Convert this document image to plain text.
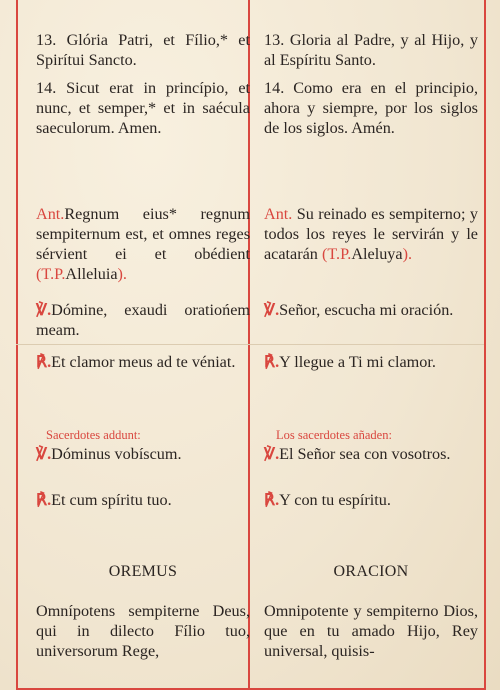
13. Glória Patri, et Fílio,* et Spirítui Sancto.
14. Sicut erat in princípio, et nunc, et semper,* et in saécula saeculorum. Amen.
Ant.Regnum eius* regnum sempiternum est, et omnes reges sérvient ei et obédient (T.P.Alleluia).
℣.Dómine, exaudi oratiońem meam.
℟.Et clamor meus ad te véniat.
Sacerdotes addunt:
℣.Dóminus vobíscum.
℟.Et cum spíritu tuo.
OREMUS
Omnípotens sempiterne Deus, qui in dilecto Fílio tuo, universorum Rege,
13. Gloria al Padre, y al Hijo, y al Espíritu Santo.
14. Como era en el principio, ahora y siempre, por los siglos de los siglos. Amén.
Ant. Su reinado es sempiterno; y todos los reyes le servirán y le acatarán (T.P.Aleluya).
℣.Señor, escucha mi oración.
℟.Y llegue a Ti mi clamor.
Los sacerdotes añaden:
℣.El Señor sea con vosotros.
℟.Y con tu espíritu.
ORACION
Omnipotente y sempiterno Dios, que en tu amado Hijo, Rey universal, quisis-
